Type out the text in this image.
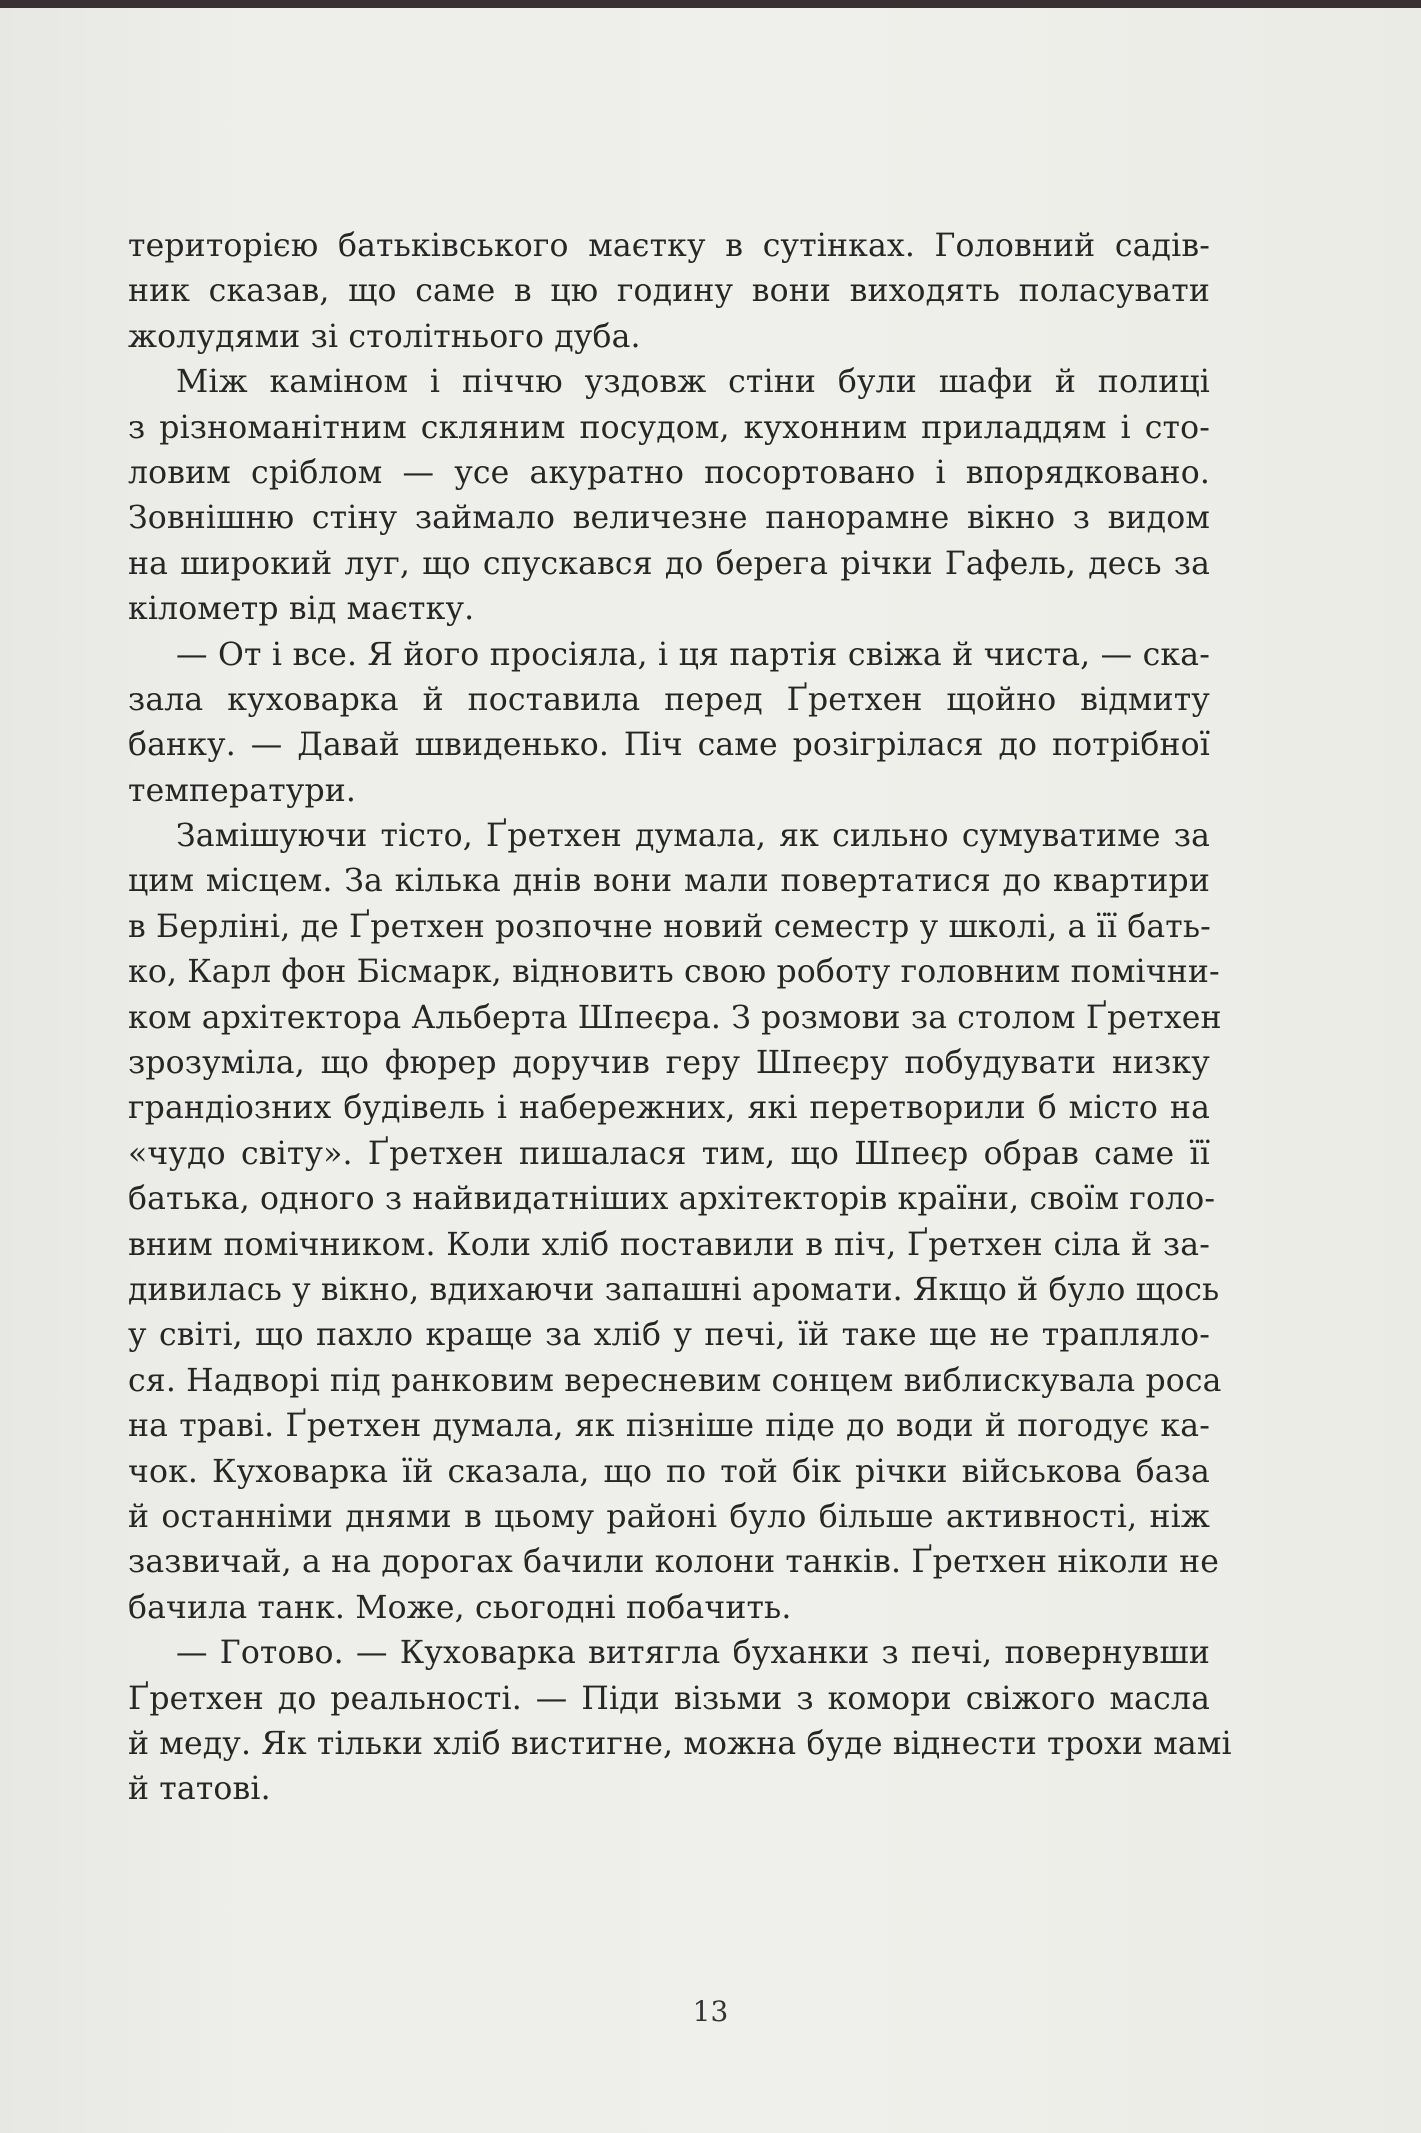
територією батьківського маєтку в сутінках. Головний садів-
ник сказав, що саме в цю годину вони виходять поласувати
жолудями зі столітнього дуба.
Між каміном і піччю уздовж стіни були шафи й полиці
з різноманітним скляним посудом, кухонним приладдям і сто-
ловим сріблом — усе акуратно посортовано і впорядковано.
Зовнішню стіну займало величезне панорамне вікно з видом
на широкий луг, що спускався до берега річки Гафель, десь за
кілометр від маєтку.
— От і все. Я його просіяла, і ця партія свіжа й чиста, — ска-
зала куховарка й поставила перед Ґретхен щойно відмиту
банку. — Давай швиденько. Піч саме розігрілася до потрібної
температури.
Замішуючи тісто, Ґретхен думала, як сильно сумуватиме за
цим місцем. За кілька днів вони мали повертатися до квартири
в Берліні, де Ґретхен розпочне новий семестр у школі, а її бать-
ко, Карл фон Бісмарк, відновить свою роботу головним помічни-
ком архітектора Альберта Шпеєра. З розмови за столом Ґретхен
зрозуміла, що фюрер доручив геру Шпеєру побудувати низку
грандіозних будівель і набережних, які перетворили б місто на
«чудо світу». Ґретхен пишалася тим, що Шпеєр обрав саме її
батька, одного з найвидатніших архітекторів країни, своїм голо-
вним помічником. Коли хліб поставили в піч, Ґретхен сіла й за-
дивилась у вікно, вдихаючи запашні аромати. Якщо й було щось
у світі, що пахло краще за хліб у печі, їй таке ще не трапляло-
ся. Надворі під ранковим вересневим сонцем виблискувала роса
на траві. Ґретхен думала, як пізніше піде до води й погодує ка-
чок. Куховарка їй сказала, що по той бік річки військова база
й останніми днями в цьому районі було більше активності, ніж
зазвичай, а на дорогах бачили колони танків. Ґретхен ніколи не
бачила танк. Може, сьогодні побачить.
— Готово. — Куховарка витягла буханки з печі, повернувши
Ґретхен до реальності. — Піди візьми з комори свіжого масла
й меду. Як тільки хліб вистигне, можна буде віднести трохи мамі
й татові.
13
